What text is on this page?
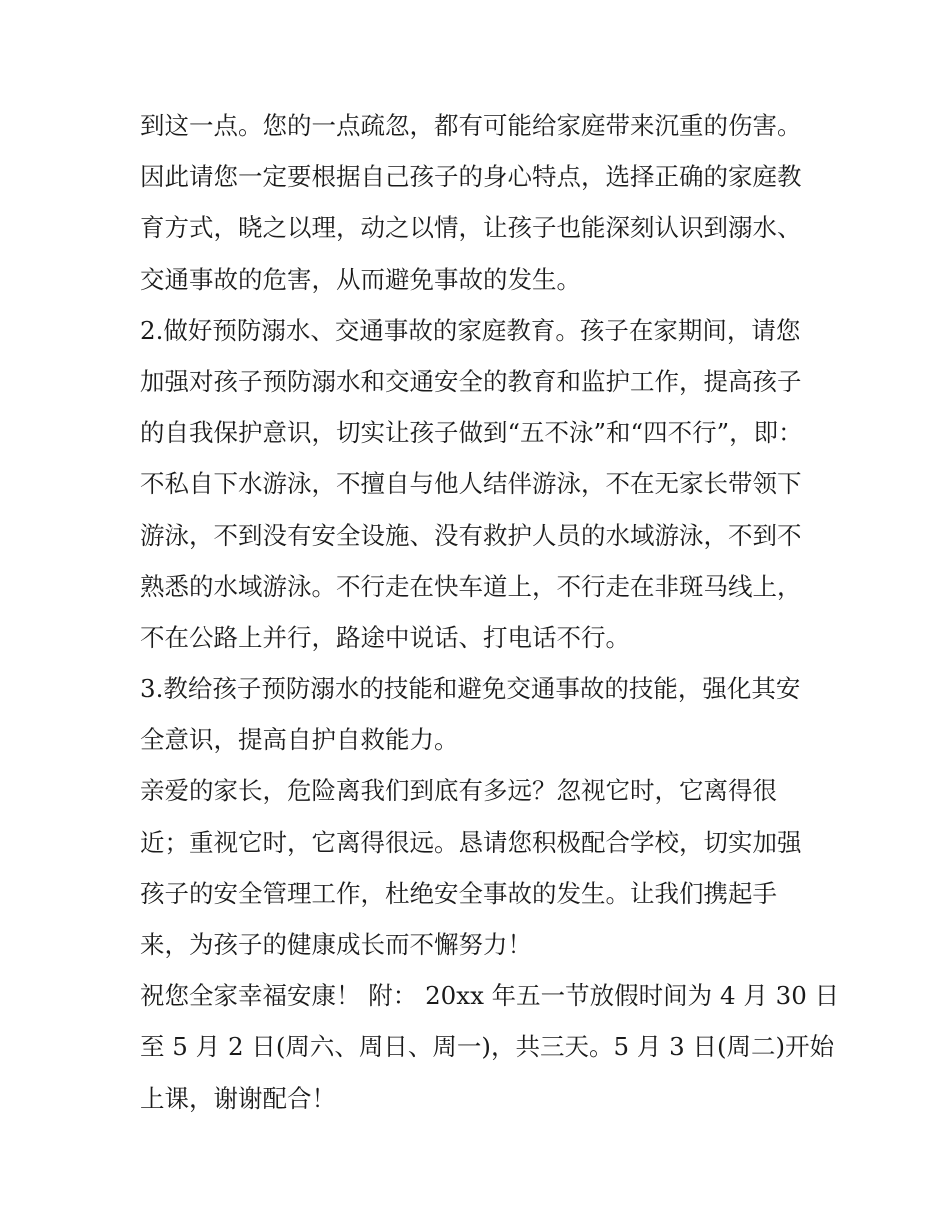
到这一点。您的一点疏忽，都有可能给家庭带来沉重的伤害。
因此请您一定要根据自己孩子的身心特点，选择正确的家庭教
育方式，晓之以理，动之以情，让孩子也能深刻认识到溺水、
交通事故的危害，从而避免事故的发生。
2.做好预防溺水、交通事故的家庭教育。孩子在家期间，请您
加强对孩子预防溺水和交通安全的教育和监护工作，提高孩子
的自我保护意识，切实让孩子做到“五不泳”和“四不行”，即：
不私自下水游泳，不擅自与他人结伴游泳，不在无家长带领下
游泳，不到没有安全设施、没有救护人员的水域游泳，不到不
熟悉的水域游泳。不行走在快车道上，不行走在非斑马线上，
不在公路上并行，路途中说话、打电话不行。
3.教给孩子预防溺水的技能和避免交通事故的技能，强化其安
全意识，提高自护自救能力。
亲爱的家长，危险离我们到底有多远？忽视它时，它离得很
近；重视它时，它离得很远。恳请您积极配合学校，切实加强
孩子的安全管理工作，杜绝安全事故的发生。让我们携起手
来，为孩子的健康成长而不懈努力！
祝您全家幸福安康！ 附： 20xx 年五一节放假时间为 4 月 30 日
至 5 月 2 日(周六、周日、周一)，共三天。5 月 3 日(周二)开始
上课，谢谢配合！
